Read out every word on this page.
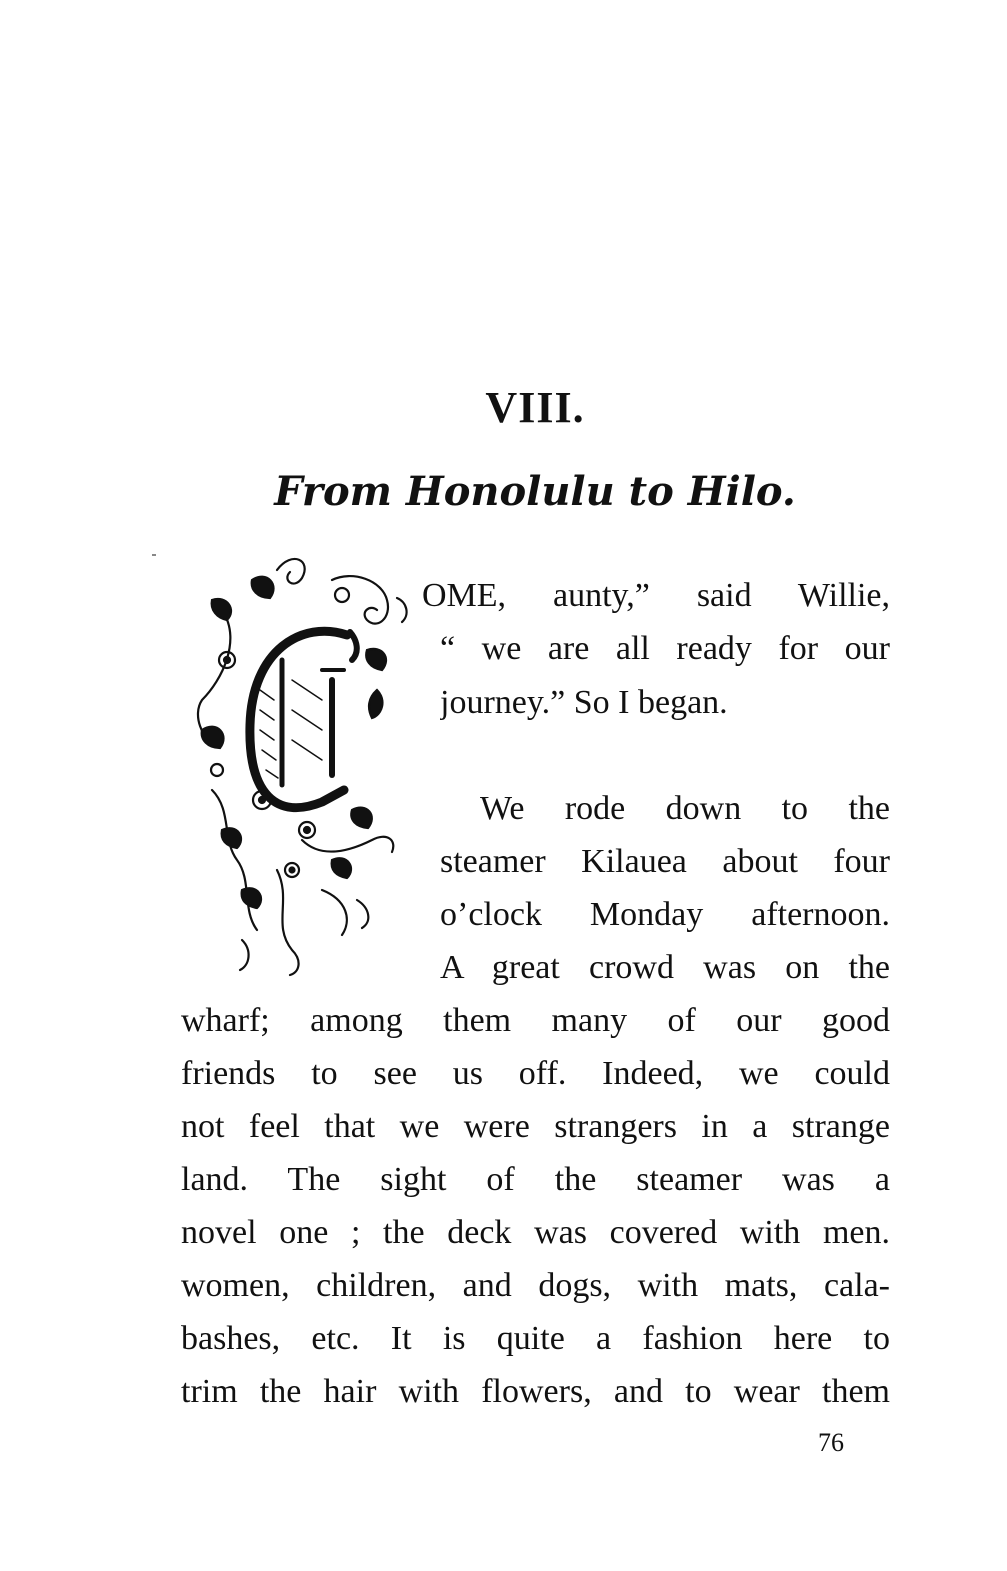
VIII.
From Honolulu to Hilo.
OME, aunty,” said Willie,
“ we are all ready for our
journey.” So I began.
We rode down to the
steamer Kilauea about four
o’clock Monday afternoon.
A great crowd was on the
wharf; among them many of our good
friends to see us off. Indeed, we could
not feel that we were strangers in a strange
land. The sight of the steamer was a
novel one ; the deck was covered with men.
women, children, and dogs, with mats, cala-
bashes, etc. It is quite a fashion here to
trim the hair with flowers, and to wear them
76
